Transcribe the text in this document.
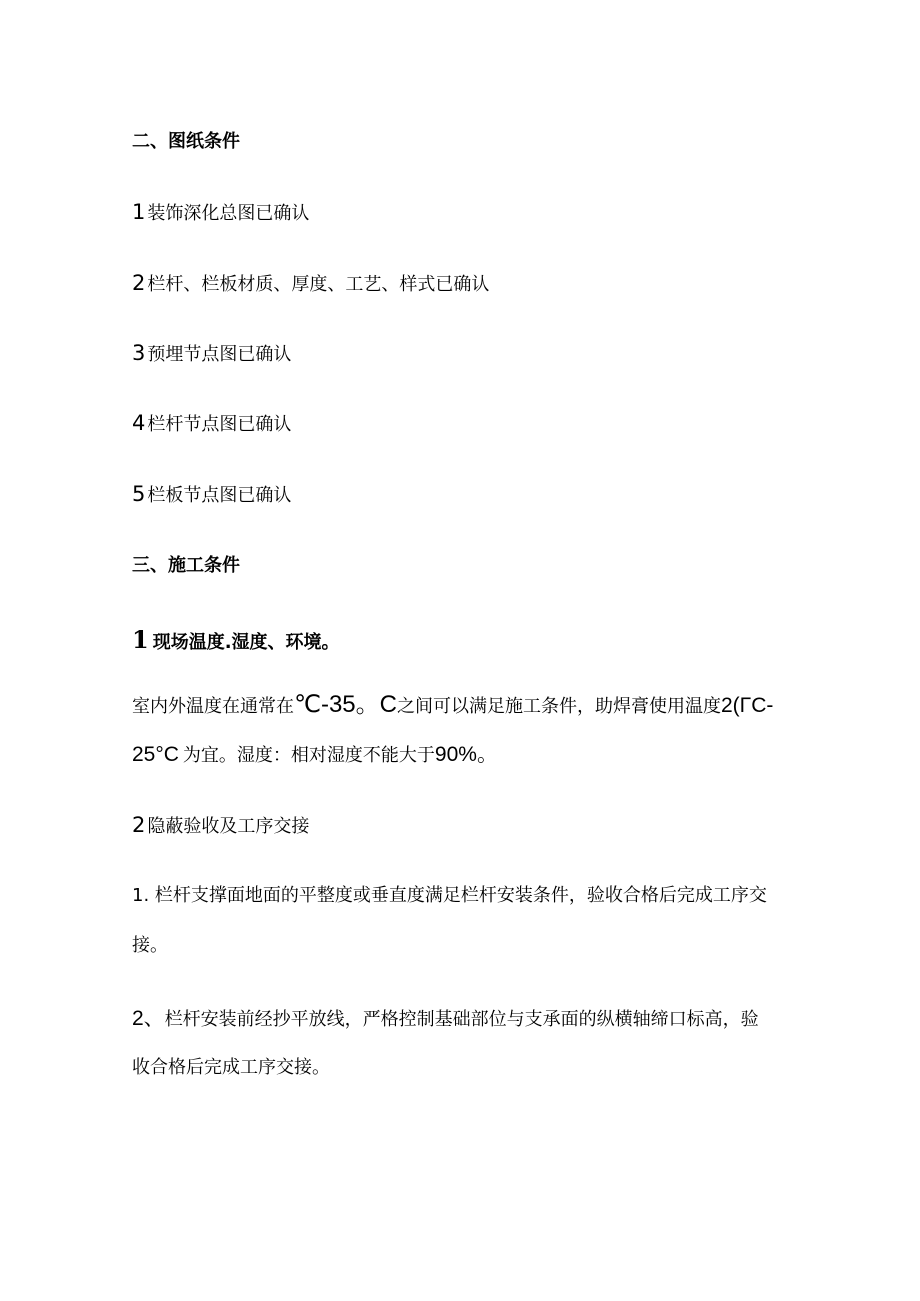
二、图纸条件
1 装饰深化总图已确认
2 栏杆、栏板材质、厚度、工艺、样式已确认
3 预埋节点图已确认
4 栏杆节点图已确认
5 栏板节点图已确认
三、施工条件
1 现场温度.湿度、环境。
室内外温度在通常在℃-35。C之间可以满足施工条件，助焊膏使用温度2(ΓC-
25°C 为宜。湿度：相对湿度不能大于90%。
2 隐蔽验收及工序交接
1. 栏杆支撑面地面的平整度或垂直度满足栏杆安装条件，验收合格后完成工序交
接。
2、栏杆安装前经抄平放线，严格控制基础部位与支承面的纵横轴缔口标高，验
收合格后完成工序交接。
